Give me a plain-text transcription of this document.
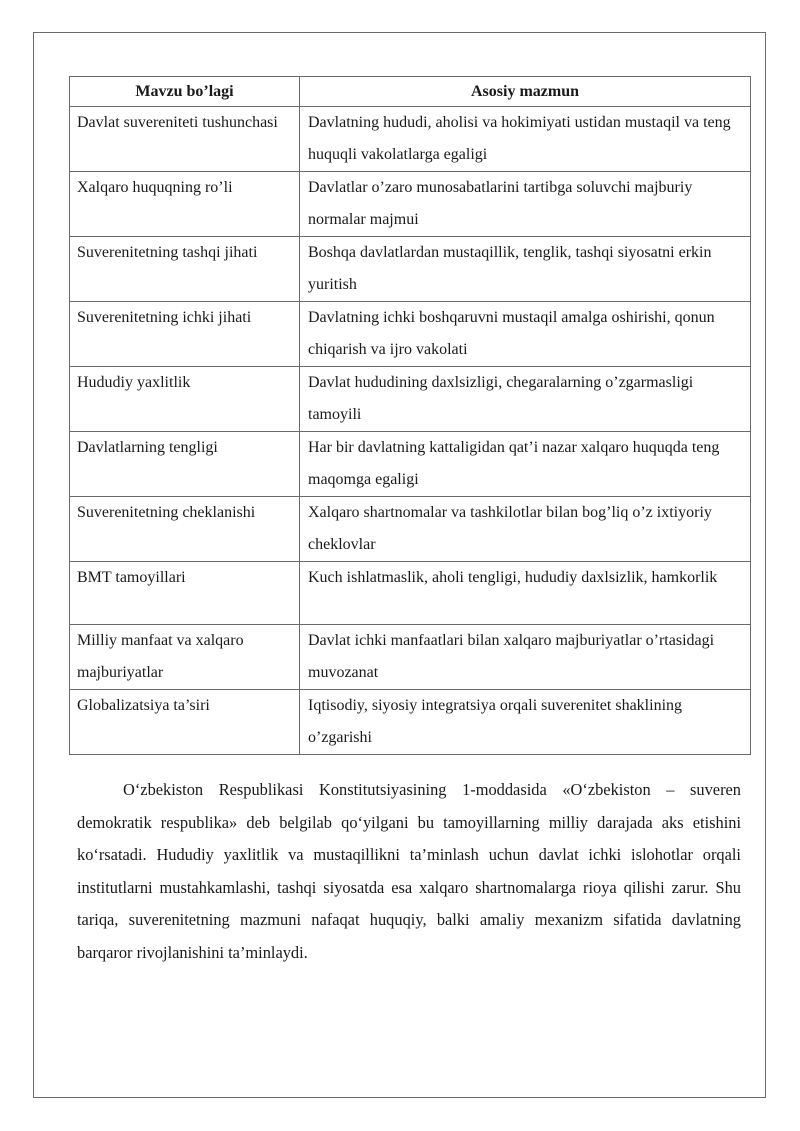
Mavzu bo’lagi	Asosiy mazmun
Davlat suvereniteti tushunchasi	Davlatning hududi, aholisi va hokimiyati ustidan mustaqil va teng huquqli vakolatlarga egaligi
Xalqaro huquqning ro’li	Davlatlar o’zaro munosabatlarini tartibga soluvchi majburiy normalar majmui
Suverenitetning tashqi jihati	Boshqa davlatlardan mustaqillik, tenglik, tashqi siyosatni erkin yuritish
Suverenitetning ichki jihati	Davlatning ichki boshqaruvni mustaqil amalga oshirishi, qonun chiqarish va ijro vakolati
Hududiy yaxlitlik	Davlat hududining daxlsizligi, chegaralarning o’zgarmasligi tamoyili
Davlatlarning tengligi	Har bir davlatning kattaligidan qat’i nazar xalqaro huquqda teng maqomga egaligi
Suverenitetning cheklanishi	Xalqaro shartnomalar va tashkilotlar bilan bog’liq o’z ixtiyoriy cheklovlar
BMT tamoyillari	Kuch ishlatmaslik, aholi tengligi, hududiy daxlsizlik, hamkorlik
Milliy manfaat va xalqaro majburiyatlar	Davlat ichki manfaatlari bilan xalqaro majburiyatlar o’rtasidagi muvozanat
Globalizatsiya ta’siri	Iqtisodiy, siyosiy integratsiya orqali suverenitet shaklining o’zgarishi

O‘zbekiston Respublikasi Konstitutsiyasining 1-moddasida «O‘zbekiston – suveren demokratik respublika» deb belgilab qo‘yilgani bu tamoyillarning milliy darajada aks etishini ko‘rsatadi. Hududiy yaxlitlik va mustaqillikni ta’minlash uchun davlat ichki islohotlar orqali institutlarni mustahkamlashi, tashqi siyosatda esa xalqaro shartnomalarga rioya qilishi zarur. Shu tariqa, suverenitetning mazmuni nafaqat huquqiy, balki amaliy mexanizm sifatida davlatning barqaror rivojlanishini ta’minlaydi.
